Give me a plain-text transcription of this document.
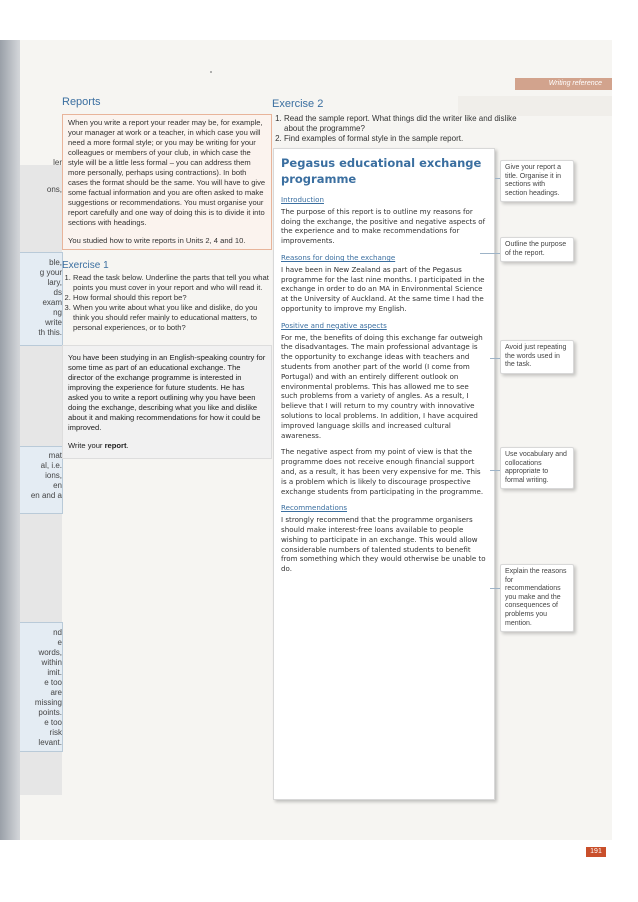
ler
ons,
ble,
g your
lary,
ds
exam
ng
write
th this.
mat
al, i.e.
ions,
en
en and a
nd
e
words,
within
imit.
e too
are
missing
points.
e too
risk
levant.
Writing reference
Reports

When you write a report your reader may be, for example, your manager at work or a teacher, in which case you will need a more formal style; or you may be writing for your colleagues or members of your club, in which case the style will be a little less formal – you can address them more personally, perhaps using contractions). In both cases the format should be the same. You will have to give some factual information and you are often asked to make suggestions or recommendations. You must organise your report carefully and one way of doing this is to divide it into sections with headings.

You studied how to write reports in Units 2, 4 and 10.

Exercise 1
1. Read the task below. Underline the parts that tell you what points you must cover in your report and who will read it.
2. How formal should this report be?
3. When you write about what you like and dislike, do you think you should refer mainly to educational matters, to personal experiences, or to both?

You have been studying in an English-speaking country for some time as part of an educational exchange. The director of the exchange programme is interested in improving the experience for future students. He has asked you to write a report outlining why you have been doing the exchange, describing what you like and dislike about it and making recommendations for how it could be improved.

Write your report.

Exercise 2
1. Read the sample report. What things did the writer like and dislike about the programme?
2. Find examples of formal style in the sample report.
Pegasus educational exchange programme
Introduction

The purpose of this report is to outline my reasons for doing the exchange, the positive and negative aspects of the experience and to make recommendations for improvements.

Reasons for doing the exchange

I have been in New Zealand as part of the Pegasus programme for the last nine months. I participated in the exchange in order to do an MA in Environmental Science at the University of Auckland. At the same time I had the opportunity to improve my English.

Positive and negative aspects

For me, the benefits of doing this exchange far outweigh the disadvantages. The main professional advantage is the opportunity to exchange ideas with teachers and students from another part of the world (I come from Portugal) and with an entirely different outlook on environmental problems. This has allowed me to see such problems from a variety of angles. As a result, I believe that I will return to my country with innovative solutions to local problems. In addition, I have acquired improved language skills and increased cultural awareness.

The negative aspect from my point of view is that the programme does not receive enough financial support and, as a result, it has been very expensive for me. This is a problem which is likely to discourage prospective exchange students from participating in the programme.

Recommendations

I strongly recommend that the programme organisers should make interest-free loans available to people wishing to participate in an exchange. This would allow considerable numbers of talented students to benefit from something which they would otherwise be unable to do.

Give your report a title. Organise it in sections with section headings.
Outline the purpose of the report.
Avoid just repeating the words used in the task.
Use vocabulary and collocations appropriate to formal writing.
Explain the reasons for recommendations you make and the consequences of problems you mention.
191
